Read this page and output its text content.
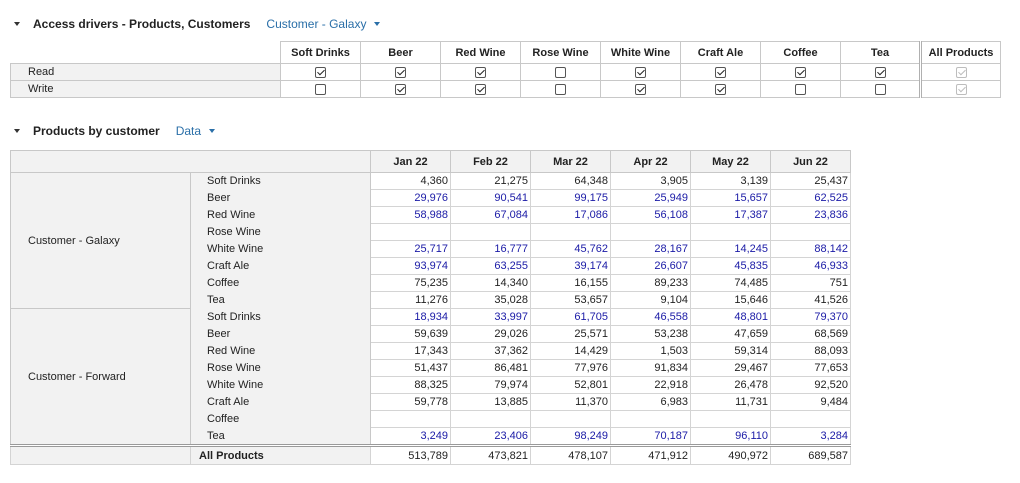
Access drivers - Products, Customers Customer - Galaxy
	Soft Drinks	Beer	Red Wine	Rose Wine	White Wine	Craft Ale	Coffee	Tea	All Products
Read									
Write									
Products by customer Data
		Jan 22	Feb 22	Mar 22	Apr 22	May 22	Jun 22
Customer - Galaxy	Soft Drinks	4,360	21,275	64,348	3,905	3,139	25,437
	Beer	29,976	90,541	99,175	25,949	15,657	62,525
	Red Wine	58,988	67,084	17,086	56,108	17,387	23,836
	Rose Wine						
	White Wine	25,717	16,777	45,762	28,167	14,245	88,142
	Craft Ale	93,974	63,255	39,174	26,607	45,835	46,933
	Coffee	75,235	14,340	16,155	89,233	74,485	751
	Tea	11,276	35,028	53,657	9,104	15,646	41,526
Customer - Forward	Soft Drinks	18,934	33,997	61,705	46,558	48,801	79,370
	Beer	59,639	29,026	25,571	53,238	47,659	68,569
	Red Wine	17,343	37,362	14,429	1,503	59,314	88,093
	Rose Wine	51,437	86,481	77,976	91,834	29,467	77,653
	White Wine	88,325	79,974	52,801	22,918	26,478	92,520
	Craft Ale	59,778	13,885	11,370	6,983	11,731	9,484
	Coffee						
	Tea	3,249	23,406	98,249	70,187	96,110	3,284
	All Products	513,789	473,821	478,107	471,912	490,972	689,587
